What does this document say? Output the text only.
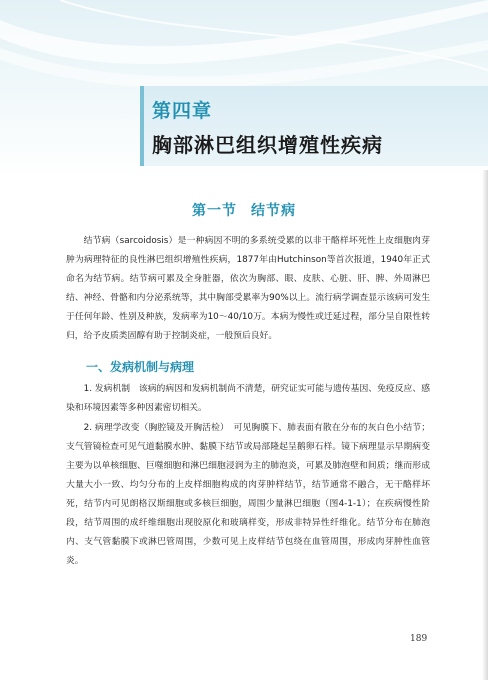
第四章
胸部淋巴组织增殖性疾病
第一节 结节病

结节病（sarcoidosis）是一种病因不明的多系统受累的以非干酪样坏死性上皮细胞肉芽肿为病理特征的良性淋巴组织增殖性疾病，1877年由Hutchinson等首次报道，1940年正式命名为结节病。结节病可累及全身脏器，依次为胸部、眼、皮肤、心脏、肝、脾、外周淋巴结、神经、骨骼和内分泌系统等，其中胸部受累率为90%以上。流行病学调查显示该病可发生于任何年龄、性别及种族，发病率为10～40/10万。本病为慢性或迁延过程，部分呈自限性转归，给予皮质类固醇有助于控制炎症，一般预后良好。

一、发病机制与病理

1. 发病机制　该病的病因和发病机制尚不清楚，研究证实可能与遗传基因、免疫反应、感染和环境因素等多种因素密切相关。

2. 病理学改变（胸腔镜及开胸活检）　可见胸膜下、肺表面有散在分布的灰白色小结节；支气管镜检查可见气道黏膜水肿、黏膜下结节或局部隆起呈鹅卵石样。镜下病理显示早期病变主要为以单核细胞、巨噬细胞和淋巴细胞浸润为主的肺泡炎，可累及肺泡壁和间质；继而形成大量大小一致、均匀分布的上皮样细胞构成的肉芽肿样结节，结节通常不融合，无干酪样坏死，结节内可见朗格汉斯细胞或多核巨细胞，周围少量淋巴细胞（图4-1-1）；在疾病慢性阶段，结节周围的成纤维细胞出现胶原化和玻璃样变，形成非特异性纤维化。结节分布在肺泡内、支气管黏膜下或淋巴管周围，少数可见上皮样结节包绕在血管周围，形成肉芽肿性血管炎。

189
